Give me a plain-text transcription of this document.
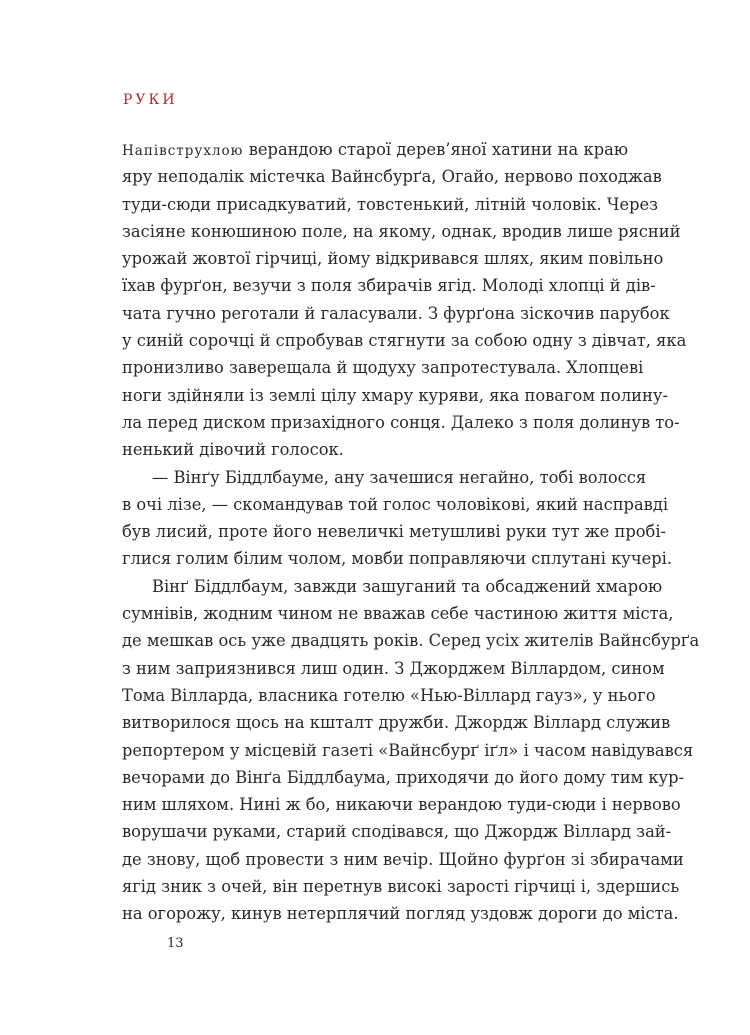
РУКИ
Напівструхлою верандою старої дерев’яної хатини на краю
яру неподалік містечка Вайнсбурґа, Огайо, нервово походжав
туди-сюди присадкуватий, товстенький, літній чоловік. Через
засіяне конюшиною поле, на якому, однак, вродив лише рясний
урожай жовтої гірчиці, йому відкривався шлях, яким повільно
їхав фурґон, везучи з поля збирачів ягід. Молоді хлопці й дів-
чата гучно реготали й галасували. З фурґона зіскочив парубок
у синій сорочці й спробував стягнути за собою одну з дівчат, яка
пронизливо заверещала й щодуху запротестувала. Хлопцеві
ноги здійняли із землі цілу хмару куряви, яка повагом полину-
ла перед диском призахідного сонця. Далеко з поля долинув то-
ненький дівочий голосок.
— Вінґу Біддлбауме, ану зачешися негайно, тобі волосся
в очі лізе, — скомандував той голос чоловікові, який насправді
був лисий, проте його невеличкі метушливі руки тут же пробі-
глися голим білим чолом, мовби поправляючи сплутані кучері.
Вінґ Біддлбаум, завжди зашуганий та обсаджений хмарою
сумнівів, жодним чином не вважав себе частиною життя міста,
де мешкав ось уже двадцять років. Серед усіх жителів Вайнсбурґа
з ним заприязнився лиш один. З Джорджем Віллардом, сином
Тома Вілларда, власника готелю «Нью-Віллард гауз», у нього
витворилося щось на кшталт дружби. Джордж Віллард служив
репортером у місцевій газеті «Вайнсбурґ іґл» і часом навідувався
вечорами до Вінґа Біддлбаума, приходячи до його дому тим кур-
ним шляхом. Нині ж бо, никаючи верандою туди-сюди і нервово
ворушачи руками, старий сподівався, що Джордж Віллард зай-
де знову, щоб провести з ним вечір. Щойно фурґон зі збирачами
ягід зник з очей, він перетнув високі зарості гірчиці і, здершись
на огорожу, кинув нетерплячий погляд уздовж дороги до міста.
13
